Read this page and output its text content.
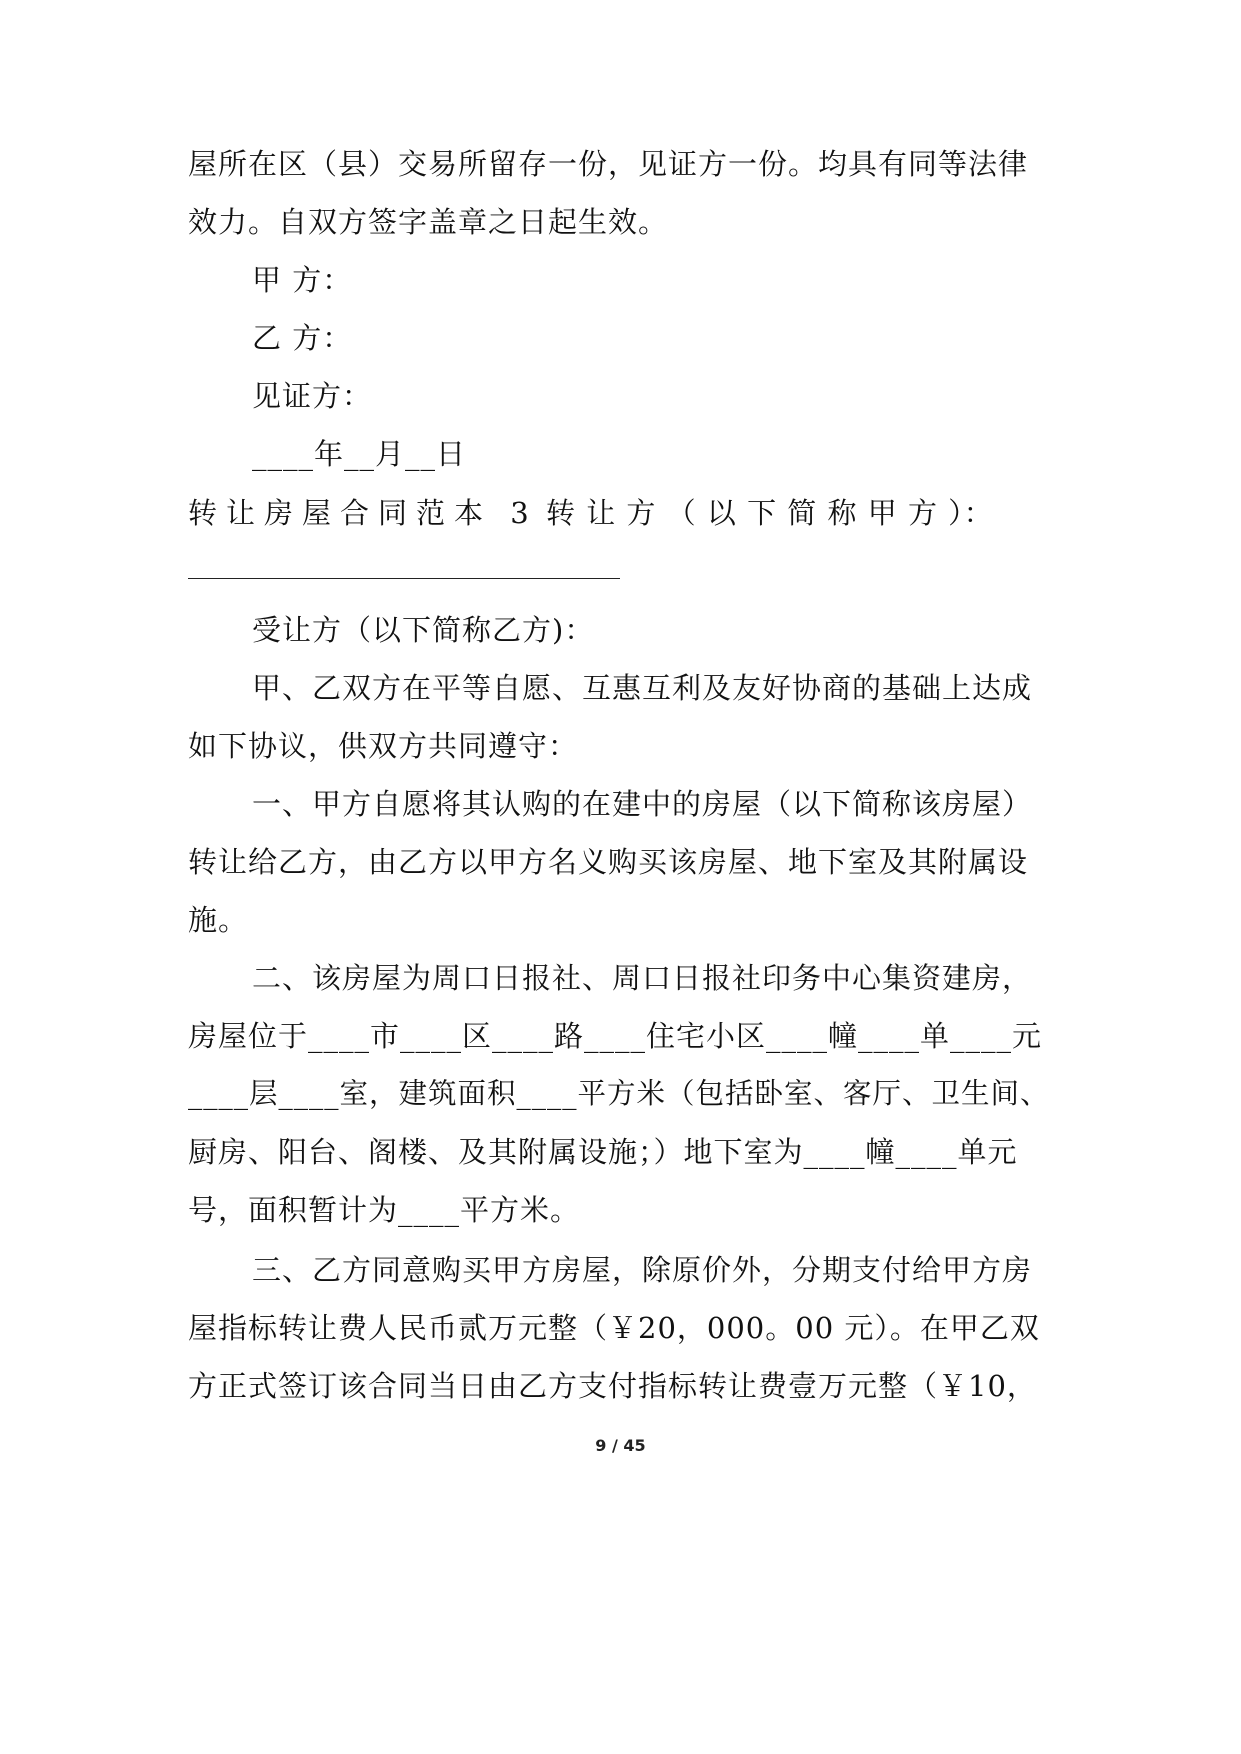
屋所在区（县）交易所留存一份，见证方一份。均具有同等法律
效力。自双方签字盖章之日起生效。
甲 方：
乙 方：
见证方：
____年__月__日
转让房屋合同范本 3 转 让 方 （ 以 下 简 称 甲 方 ）：
受让方（以下简称乙方)：
甲、乙双方在平等自愿、互惠互利及友好协商的基础上达成
如下协议，供双方共同遵守：
一、甲方自愿将其认购的在建中的房屋（以下简称该房屋）
转让给乙方，由乙方以甲方名义购买该房屋、地下室及其附属设
施。
二、该房屋为周口日报社、周口日报社印务中心集资建房，
房屋位于____市____区____路____住宅小区____幢____单____元
____层____室，建筑面积____平方米（包括卧室、客厅、卫生间、
厨房、阳台、阁楼、及其附属设施；）地下室为____幢____单元
号，面积暂计为____平方米。
三、乙方同意购买甲方房屋，除原价外，分期支付给甲方房
屋指标转让费人民币贰万元整（￥20，000。00 元）。在甲乙双
方正式签订该合同当日由乙方支付指标转让费壹万元整（￥10，
9 / 45
